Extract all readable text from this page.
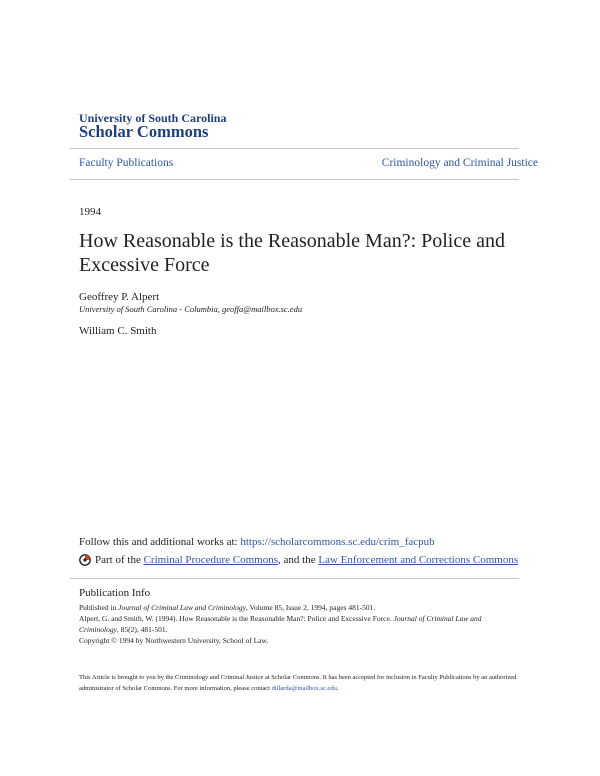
University of South Carolina
Scholar Commons
Faculty Publications	Criminology and Criminal Justice
1994
How Reasonable is the Reasonable Man?: Police and Excessive Force
Geoffrey P. Alpert
University of South Carolina - Columbia, geoffa@mailbox.sc.edu
William C. Smith
Follow this and additional works at: https://scholarcommons.sc.edu/crim_facpub
Part of the
Criminal Procedure Commons , and the
Law Enforcement and Corrections Commons
Publication Info
Published in Journal of Criminal Law and Criminology, Volume 85, Issue 2, 1994, pages 481-501.
Alpert, G. and Smith, W. (1994). How Reasonable is the Reasonable Man?: Police and Excessive Force. Journal of Criminal Law and Criminology, 85(2), 481-501.
Copyright © 1994 by Northwestern University, School of Law.
This Article is brought to you by the Criminology and Criminal Justice at Scholar Commons. It has been accepted for inclusion in Faculty Publications by an authorized administrator of Scholar Commons. For more information, please contact dillarda@mailbox.sc.edu.
